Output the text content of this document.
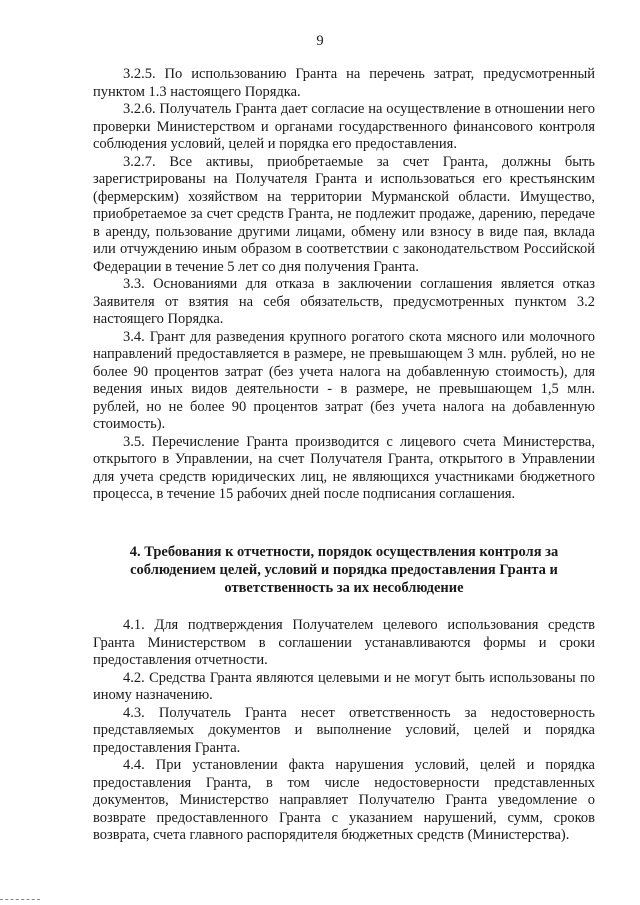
9

3.2.5. По использованию Гранта на перечень затрат, предусмотренный пунктом 1.3 настоящего Порядка.

3.2.6. Получатель Гранта дает согласие на осуществление в отношении него проверки Министерством и органами государственного финансового контроля соблюдения условий, целей и порядка его предоставления.

3.2.7. Все активы, приобретаемые за счет Гранта, должны быть зарегистрированы на Получателя Гранта и использоваться его крестьянским (фермерским) хозяйством на территории Мурманской области. Имущество, приобретаемое за счет средств Гранта, не подлежит продаже, дарению, передаче в аренду, пользование другими лицами, обмену или взносу в виде пая, вклада или отчуждению иным образом в соответствии с законодательством Российской Федерации в течение 5 лет со дня получения Гранта.

3.3. Основаниями для отказа в заключении соглашения является отказ Заявителя от взятия на себя обязательств, предусмотренных пунктом 3.2 настоящего Порядка.

3.4. Грант для разведения крупного рогатого скота мясного или молочного направлений предоставляется в размере, не превышающем 3 млн. рублей, но не более 90 процентов затрат (без учета налога на добавленную стоимость), для ведения иных видов деятельности - в размере, не превышающем 1,5 млн. рублей, но не более 90 процентов затрат (без учета налога на добавленную стоимость).

3.5. Перечисление Гранта производится с лицевого счета Министерства, открытого в Управлении, на счет Получателя Гранта, открытого в Управлении для учета средств юридических лиц, не являющихся участниками бюджетного процесса, в течение 15 рабочих дней после подписания соглашения.

4. Требования к отчетности, порядок осуществления контроля за
соблюдением целей, условий и порядка предоставления Гранта и
ответственность за их несоблюдение

4.1. Для подтверждения Получателем целевого использования средств Гранта Министерством в соглашении устанавливаются формы и сроки предоставления отчетности.

4.2. Средства Гранта являются целевыми и не могут быть использованы по иному назначению.

4.3. Получатель Гранта несет ответственность за недостоверность представляемых документов и выполнение условий, целей и порядка предоставления Гранта.

4.4. При установлении факта нарушения условий, целей и порядка предоставления Гранта, в том числе недостоверности представленных документов, Министерство направляет Получателю Гранта уведомление о возврате предоставленного Гранта с указанием нарушений, сумм, сроков возврата, счета главного распорядителя бюджетных средств (Министерства).
